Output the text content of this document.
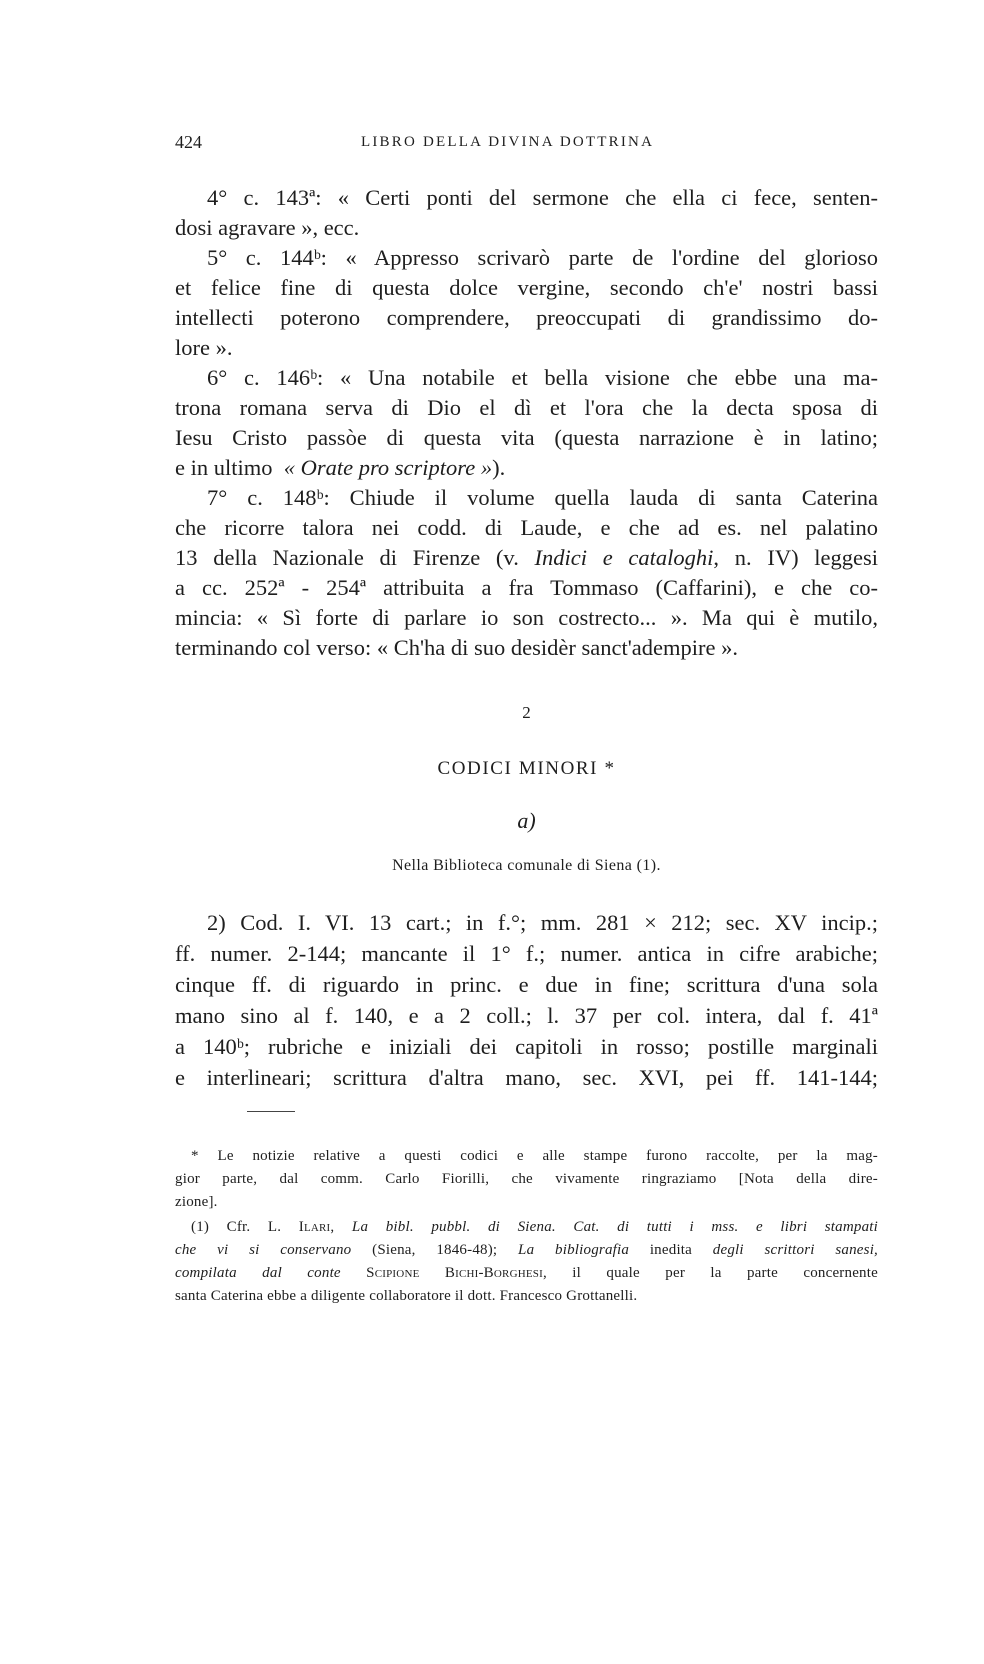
424	LIBRO DELLA DIVINA DOTTRINA

4° c. 143ª: « Certi ponti del sermone che ella ci fece, senten-
dosi agravare », ecc.

5° c. 144ᵇ: « Appresso scrivarò parte de l'ordine del glorioso
et felice fine di questa dolce vergine, secondo ch'e' nostri bassi
intellecti poterono comprendere, preoccupati di grandissimo do-
lore ».

6° c. 146ᵇ: « Una notabile et bella visione che ebbe una ma-
trona romana serva di Dio el dì et l'ora che la decta sposa di
Iesu Cristo passòe di questa vita (questa narrazione è in latino;
e in ultimo « Orate pro scriptore »).

7° c. 148ᵇ: Chiude il volume quella lauda di santa Caterina
che ricorre talora nei codd. di Laude, e che ad es. nel palatino
13 della Nazionale di Firenze (v. Indici e cataloghi, n. IV) leggesi
a cc. 252ª - 254ª attribuita a fra Tommaso (Caffarini), e che co-
mincia: « Sì forte di parlare io son costrecto... ». Ma qui è mutilo,
terminando col verso: « Ch'ha di suo desidèr sanct'adempire ».

2
CODICI MINORI *
a)
Nella Biblioteca comunale di Siena (1).

2) Cod. I. VI. 13 cart.; in f.°; mm. 281 × 212; sec. XV incip.;
ff. numer. 2-144; mancante il 1° f.; numer. antica in cifre arabiche;
cinque ff. di riguardo in princ. e due in fine; scrittura d'una sola
mano sino al f. 140, e a 2 coll.; l. 37 per col. intera, dal f. 41ª
a 140ᵇ; rubriche e iniziali dei capitoli in rosso; postille marginali
e interlineari; scrittura d'altra mano, sec. XVI, pei ff. 141-144;

* Le notizie relative a questi codici e alle stampe furono raccolte, per la mag-
gior parte, dal comm. Carlo Fiorilli, che vivamente ringraziamo [Nota della dire-
zione].
(1) Cfr. L. Ilari, La bibl. pubbl. di Siena. Cat. di tutti i mss. e libri stampati
che vi si conservano (Siena, 1846-48); La bibliografia inedita degli scrittori sanesi,
compilata dal conte Scipione Bichi-Borghesi, il quale per la parte concernente
santa Caterina ebbe a diligente collaboratore il dott. Francesco Grottanelli.
